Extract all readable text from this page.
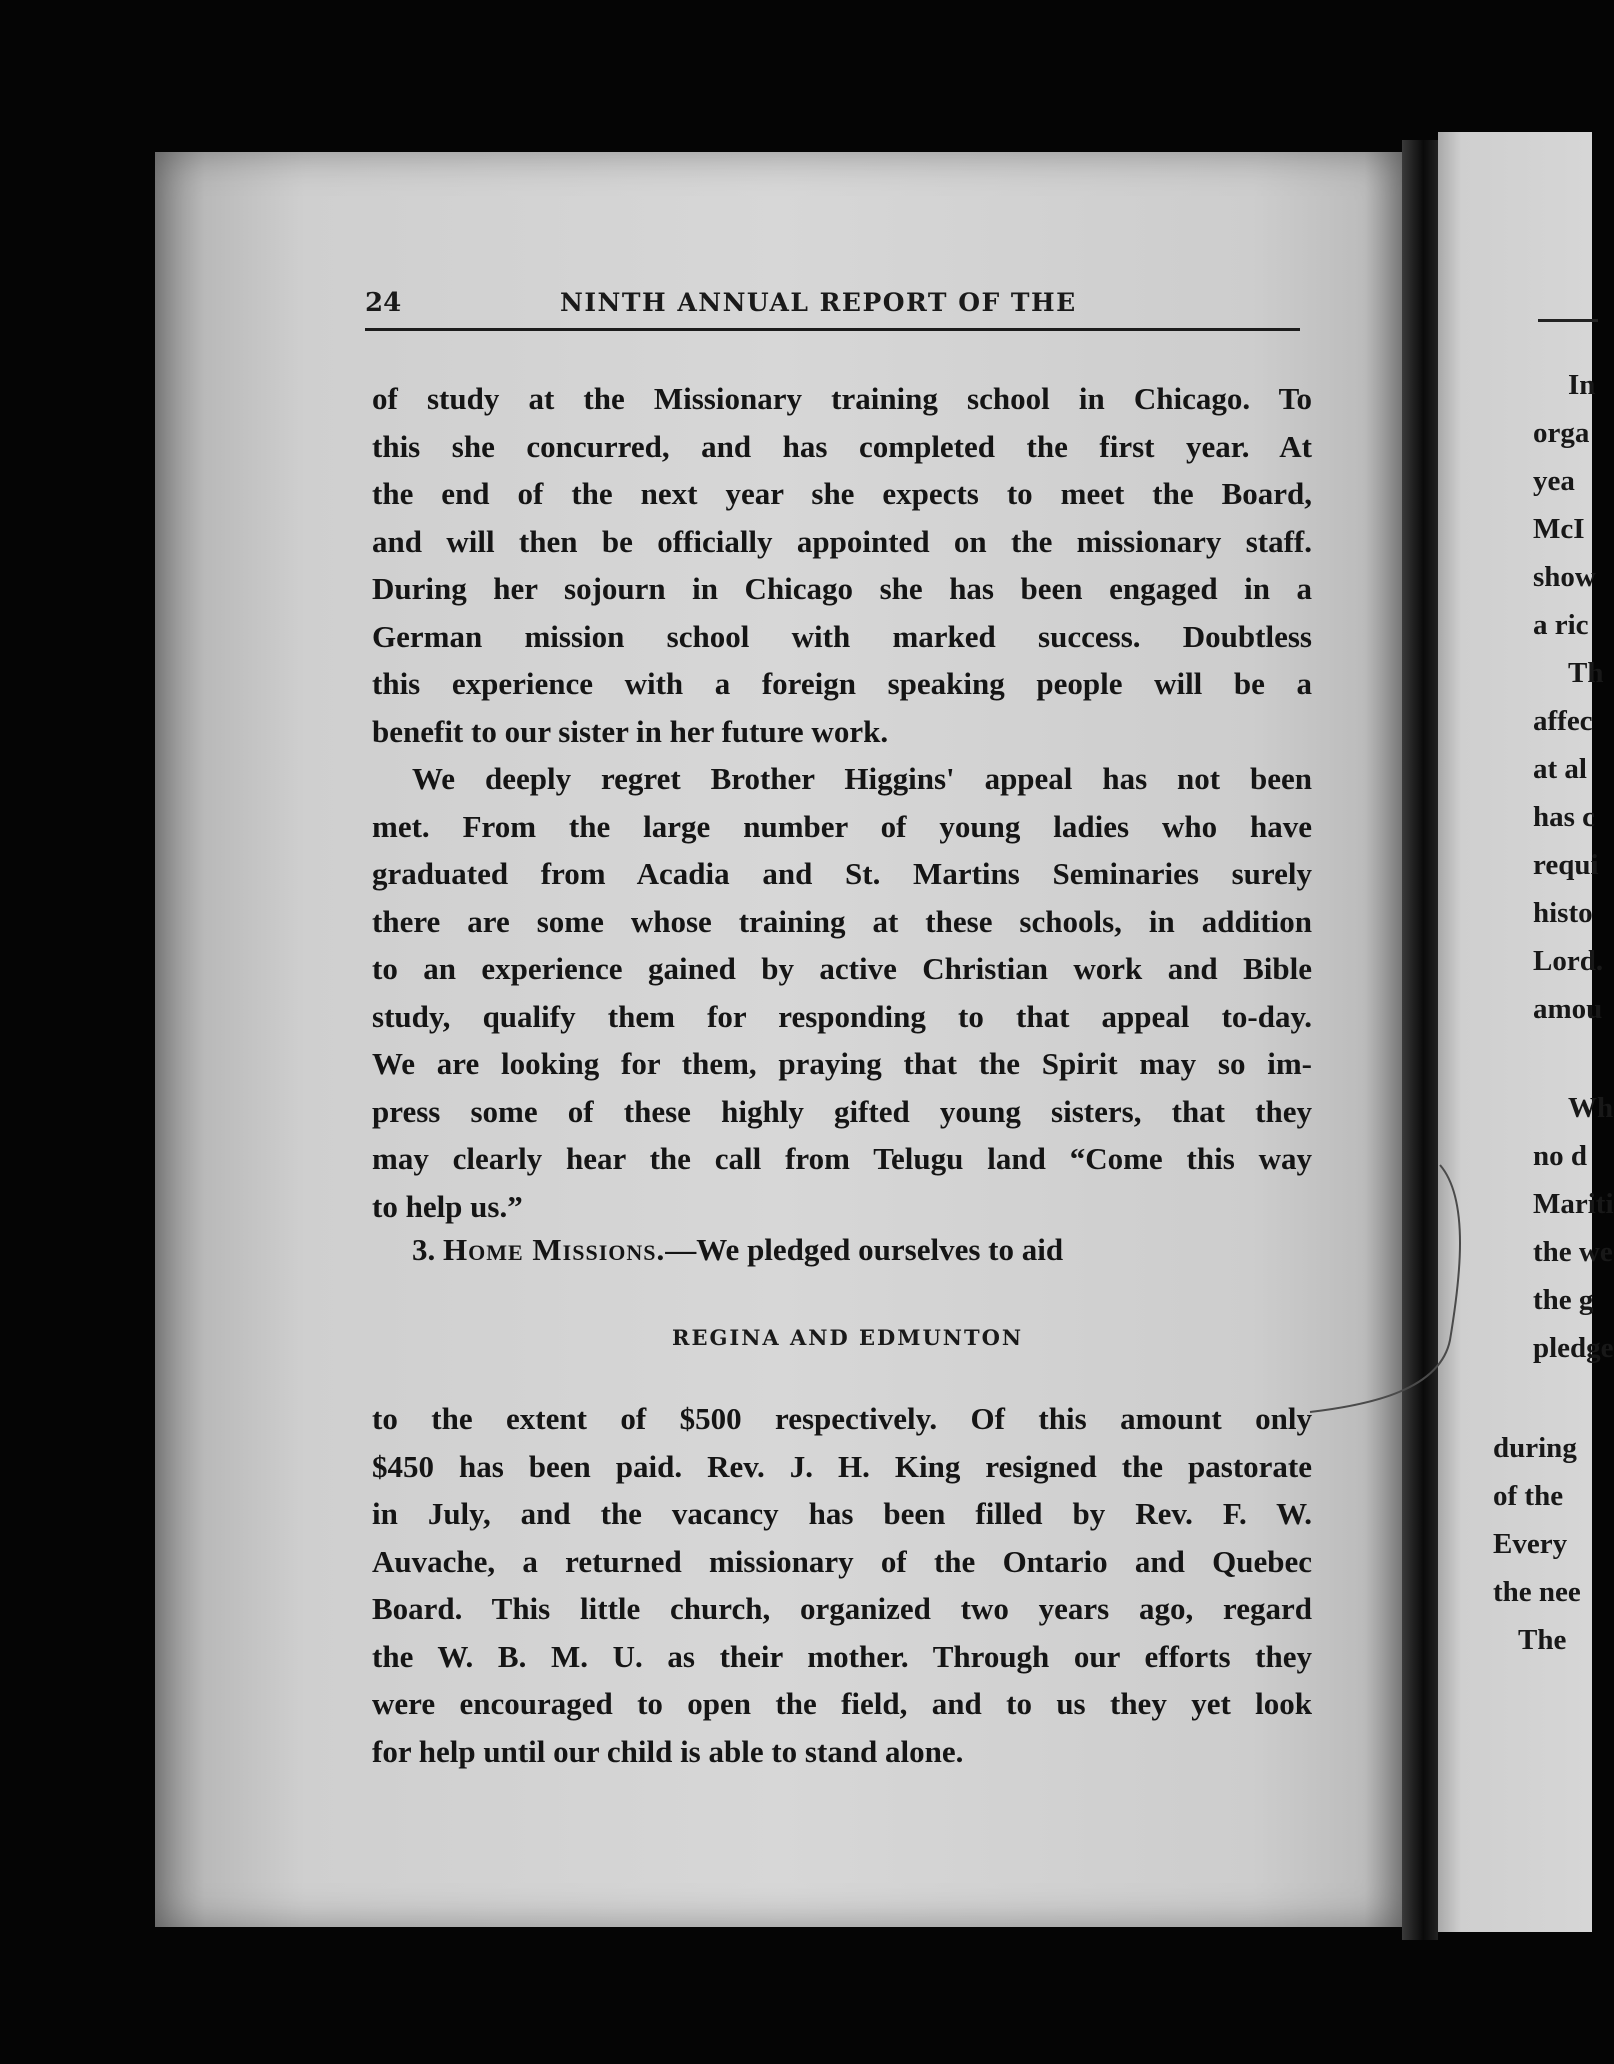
In
orga
yea
McI
show
a ric
Th
affec
at al
has c
requi
histo
Lord.
amou
Wh
no d
Mariti
the we
the g
pledge
during
of the
Every
the nee
The
24	NINTH ANNUAL REPORT OF THE
of study at the Missionary training school in Chicago. To
this she concurred, and has completed the first year. At
the end of the next year she expects to meet the Board,
and will then be officially appointed on the missionary staff.
During her sojourn in Chicago she has been engaged in a
German mission school with marked success. Doubtless
this experience with a foreign speaking people will be a
benefit to our sister in her future work.
We deeply regret Brother Higgins' appeal has not been
met. From the large number of young ladies who have
graduated from Acadia and St. Martins Seminaries surely
there are some whose training at these schools, in addition
to an experience gained by active Christian work and Bible
study, qualify them for responding to that appeal to-day.
We are looking for them, praying that the Spirit may so im-
press some of these highly gifted young sisters, that they
may clearly hear the call from Telugu land “Come this way
to help us.”
3. Home Missions.—We pledged ourselves to aid
REGINA AND EDMUNTON
to the extent of $500 respectively. Of this amount only
$450 has been paid. Rev. J. H. King resigned the pastorate
in July, and the vacancy has been filled by Rev. F. W.
Auvache, a returned missionary of the Ontario and Quebec
Board. This little church, organized two years ago, regard
the W. B. M. U. as their mother. Through our efforts they
were encouraged to open the field, and to us they yet look
for help until our child is able to stand alone.
